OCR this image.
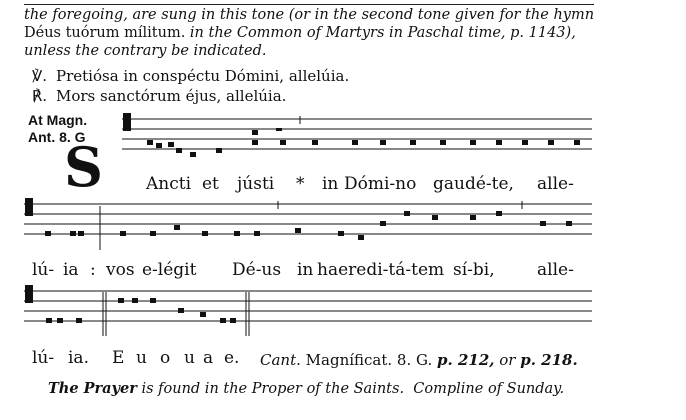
the foregoing, are sung in this tone (or in the second tone given for the hymn
Déus tuórum mílitum. in the Common of Martyrs in Paschal time, p. 1143),
unless the contrary be indicated.
℣. Pretiósa in conspéctu Dómini, allelúia.
℟. Mors sanctórum éjus, allelúia.
At Magn.
Ant. 8. G
S	Ancti et jústi * in Dómi-no gaudé-te, alle-
lú- ia : vos e-légit Dé-us in haeredi-tá-tem sí-bi, alle-
lú- ia. E u o u a e. Cant. Magníficat. 8. G. p. 212, or p. 218.
The Prayer is found in the Proper of the Saints. Compline of Sunday.
